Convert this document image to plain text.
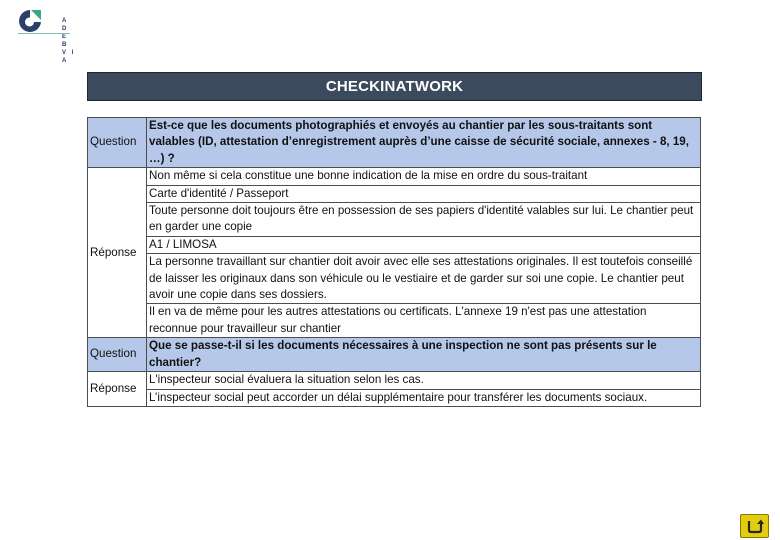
A D E B
V I A
CHECKINATWORK
Question	Est-ce que les documents photographiés et envoyés au chantier par les sous-traitants sont valables (ID, attestation d’enregistrement auprès d’une caisse de sécurité sociale, annexes - 8, 19, …) ?
Réponse	Non même si cela constitue une bonne indication de la mise en ordre du sous-traitant
	Carte d'identité / Passeport
	Toute personne doit toujours être en possession de ses papiers d'identité valables sur lui. Le chantier peut en garder une copie
	A1 / LIMOSA
	La personne travaillant sur chantier doit avoir avec elle ses attestations originales. Il est toutefois conseillé de laisser les originaux dans son véhicule ou le vestiaire et de garder sur soi une copie. Le chantier peut avoir une copie dans ses dossiers.
	Il en va de même pour les autres attestations ou certificats. L'annexe 19 n'est pas une attestation reconnue pour travailleur sur chantier
Question	Que se passe-t-il si les documents nécessaires à une inspection ne sont pas présents sur le chantier?
Réponse	L'inspecteur social évaluera la situation selon les cas.
	L’inspecteur social peut accorder un délai supplémentaire pour transférer les documents sociaux.
